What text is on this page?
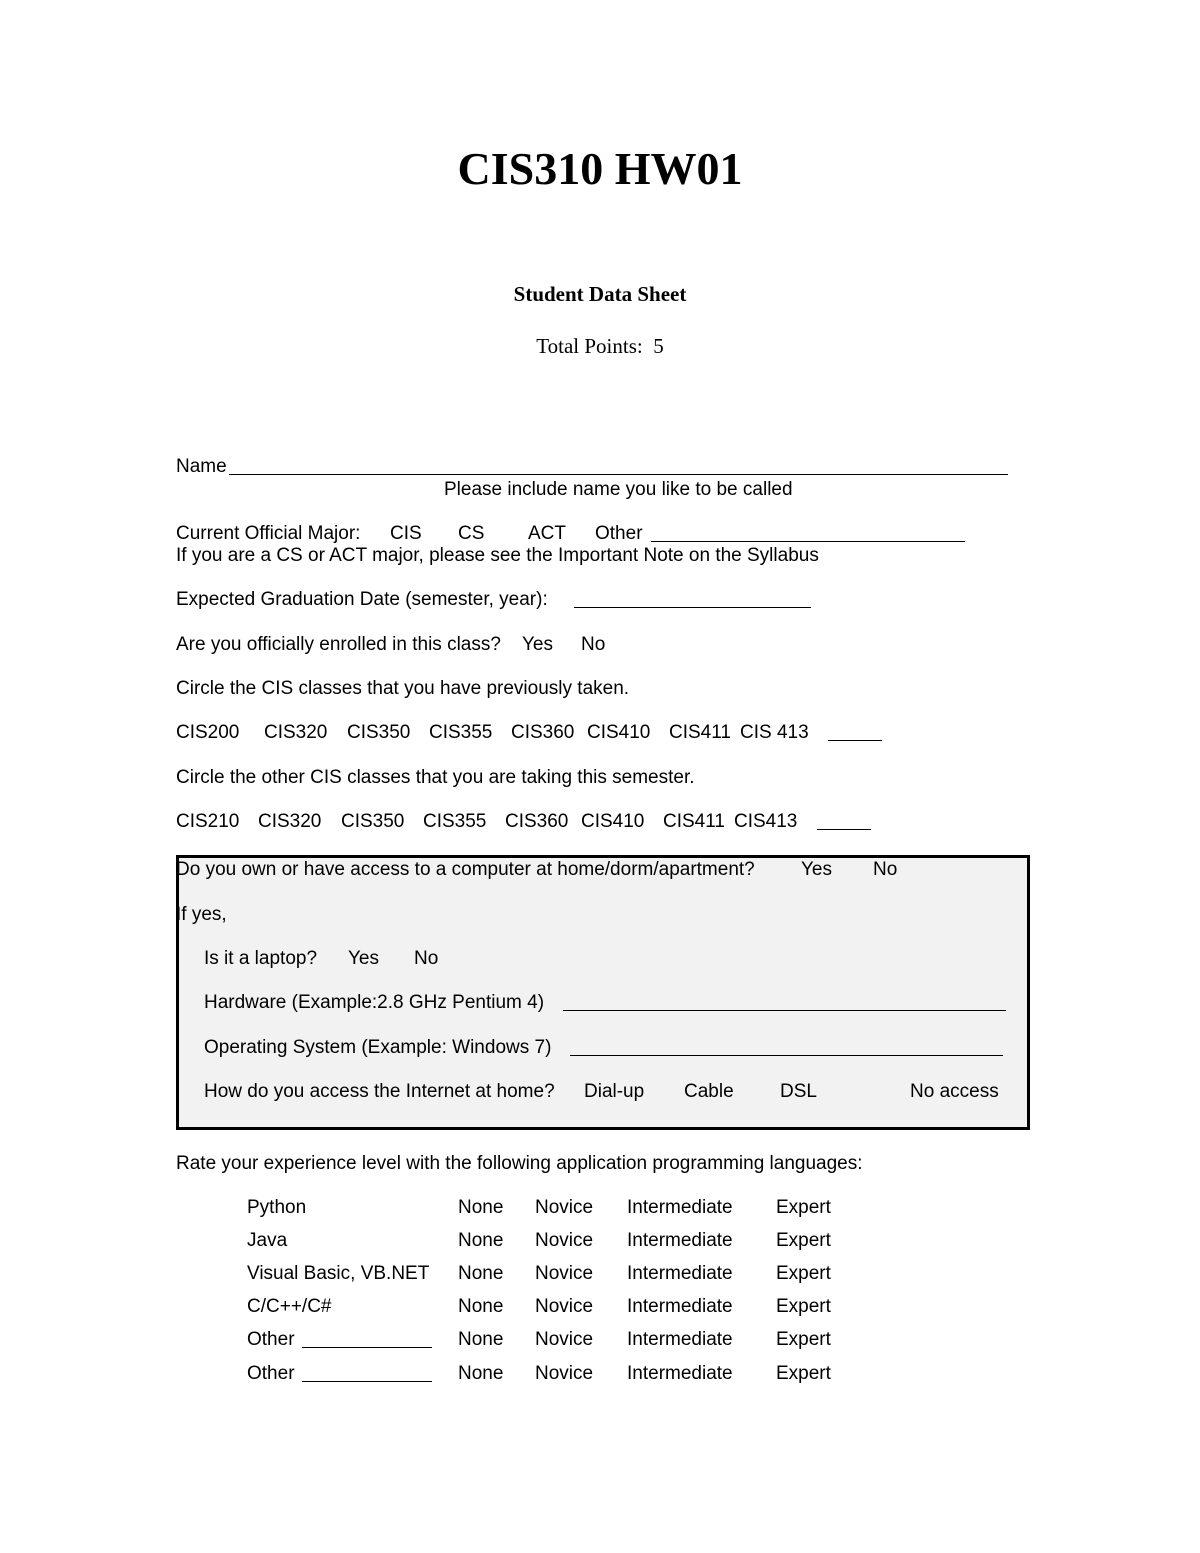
CIS310 HW01
Student Data Sheet
Total Points:  5
Name
Please include name you like to be called
Current Official Major: CIS CS ACT Other
If you are a CS or ACT major, please see the Important Note on the Syllabus
Expected Graduation Date (semester, year):
Are you officially enrolled in this class? Yes No
Circle the CIS classes that you have previously taken.
CIS200 CIS320 CIS350 CIS355 CIS360 CIS410 CIS411 CIS 413
Circle the other CIS classes that you are taking this semester.
CIS210 CIS320 CIS350 CIS355 CIS360 CIS410 CIS411 CIS413
Do you own or have access to a computer at home/dorm/apartment? Yes No
If yes,
Is it a laptop? Yes No
Hardware (Example:2.8 GHz Pentium 4)
Operating System (Example: Windows 7)
How do you access the Internet at home? Dial-up Cable DSL	No access
Rate your experience level with the following application programming languages:
Python	None Novice Intermediate Expert
Java	None Novice Intermediate Expert
Visual Basic, VB.NET None Novice Intermediate Expert
C/C++/C#	None Novice Intermediate Expert
Other	None Novice Intermediate Expert
Other	None Novice Intermediate Expert
